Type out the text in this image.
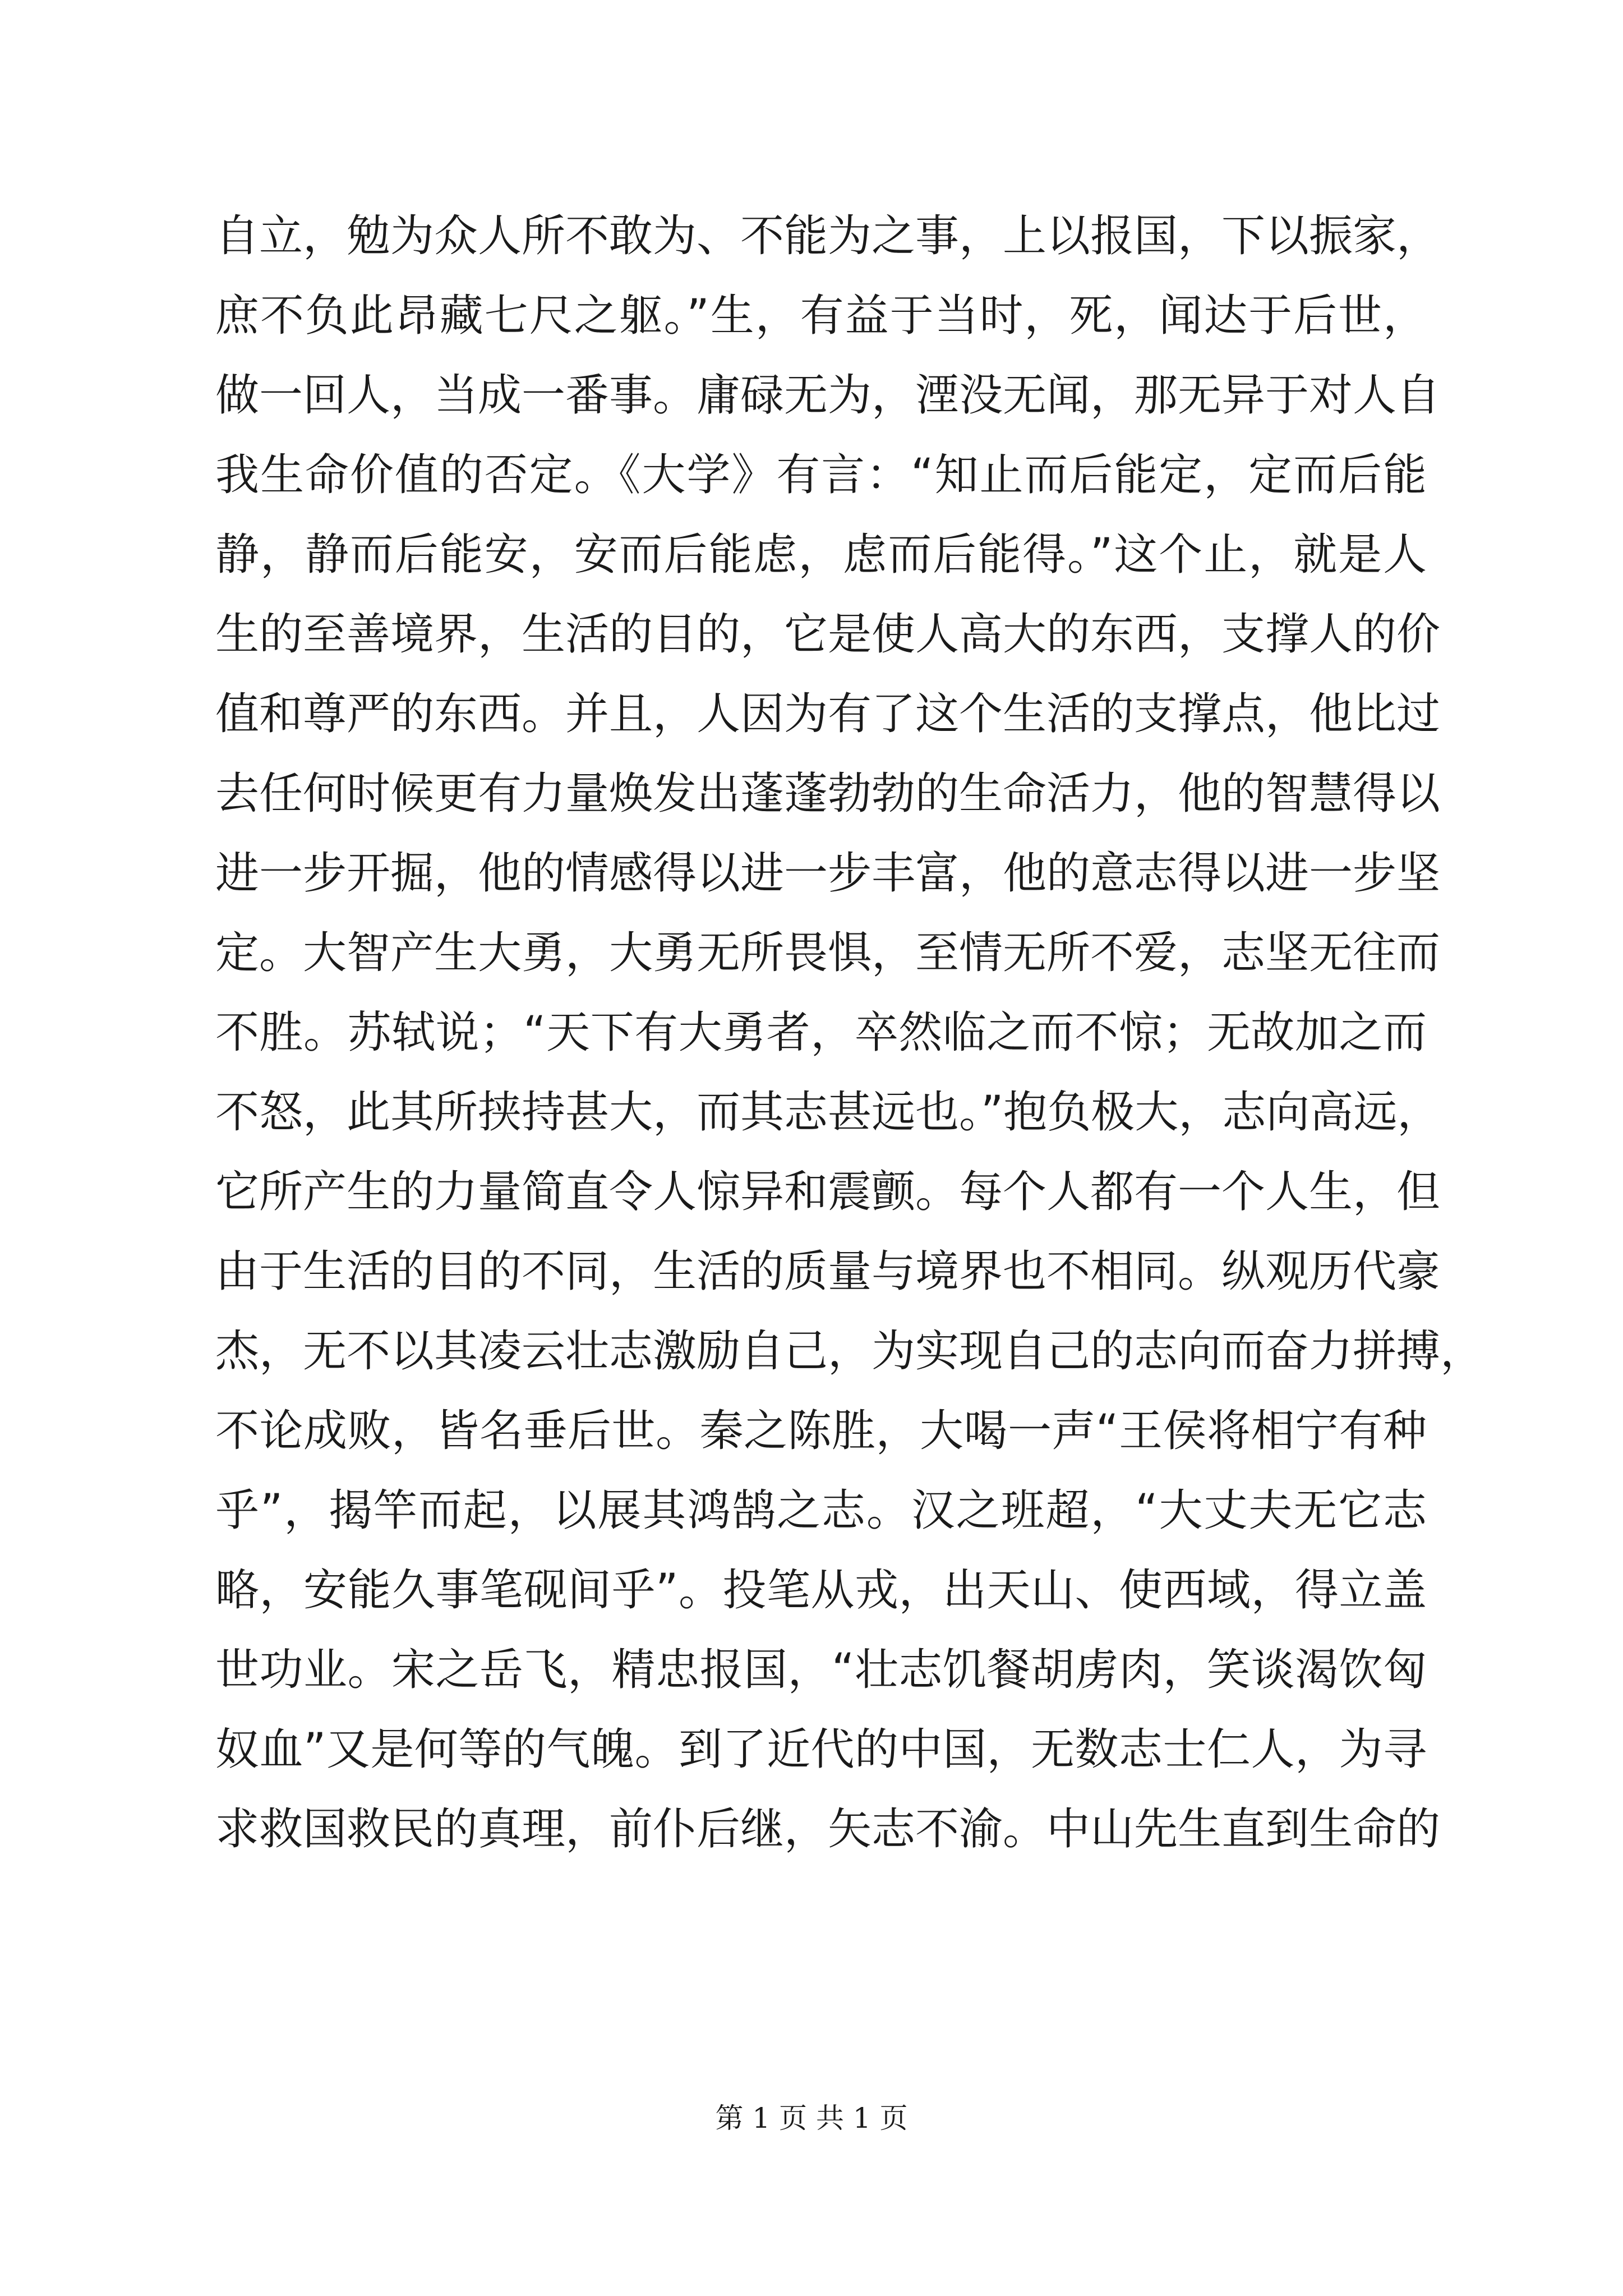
自立，勉为众人所不敢为、不能为之事，上以报国，下以振家，
庶不负此昂藏七尺之躯。”生，有益于当时，死，闻达于后世，
做一回人，当成一番事。庸碌无为，湮没无闻，那无异于对人自
我生命价值的否定。《大学》有言：“知止而后能定，定而后能
静，静而后能安，安而后能虑，虑而后能得。”这个止，就是人
生的至善境界，生活的目的，它是使人高大的东西，支撑人的价
值和尊严的东西。并且，人因为有了这个生活的支撑点，他比过
去任何时候更有力量焕发出蓬蓬勃勃的生命活力，他的智慧得以
进一步开掘，他的情感得以进一步丰富，他的意志得以进一步坚
定。大智产生大勇，大勇无所畏惧，至情无所不爱，志坚无往而
不胜。苏轼说；“天下有大勇者，卒然临之而不惊；无故加之而
不怒，此其所挟持甚大，而其志甚远也。”抱负极大，志向高远，
它所产生的力量简直令人惊异和震颤。每个人都有一个人生，但
由于生活的目的不同，生活的质量与境界也不相同。纵观历代豪
杰，无不以其凌云壮志激励自己，为实现自己的志向而奋力拼搏，
不论成败，皆名垂后世。秦之陈胜，大喝一声“王侯将相宁有种
乎”，揭竿而起，以展其鸿鹄之志。汉之班超，“大丈夫无它志
略，安能久事笔砚间乎”。投笔从戎，出天山、使西域，得立盖
世功业。宋之岳飞，精忠报国，“壮志饥餐胡虏肉，笑谈渴饮匈
奴血”又是何等的气魄。到了近代的中国，无数志士仁人，为寻
求救国救民的真理，前仆后继，矢志不渝。中山先生直到生命的
第 1 页 共 1 页
